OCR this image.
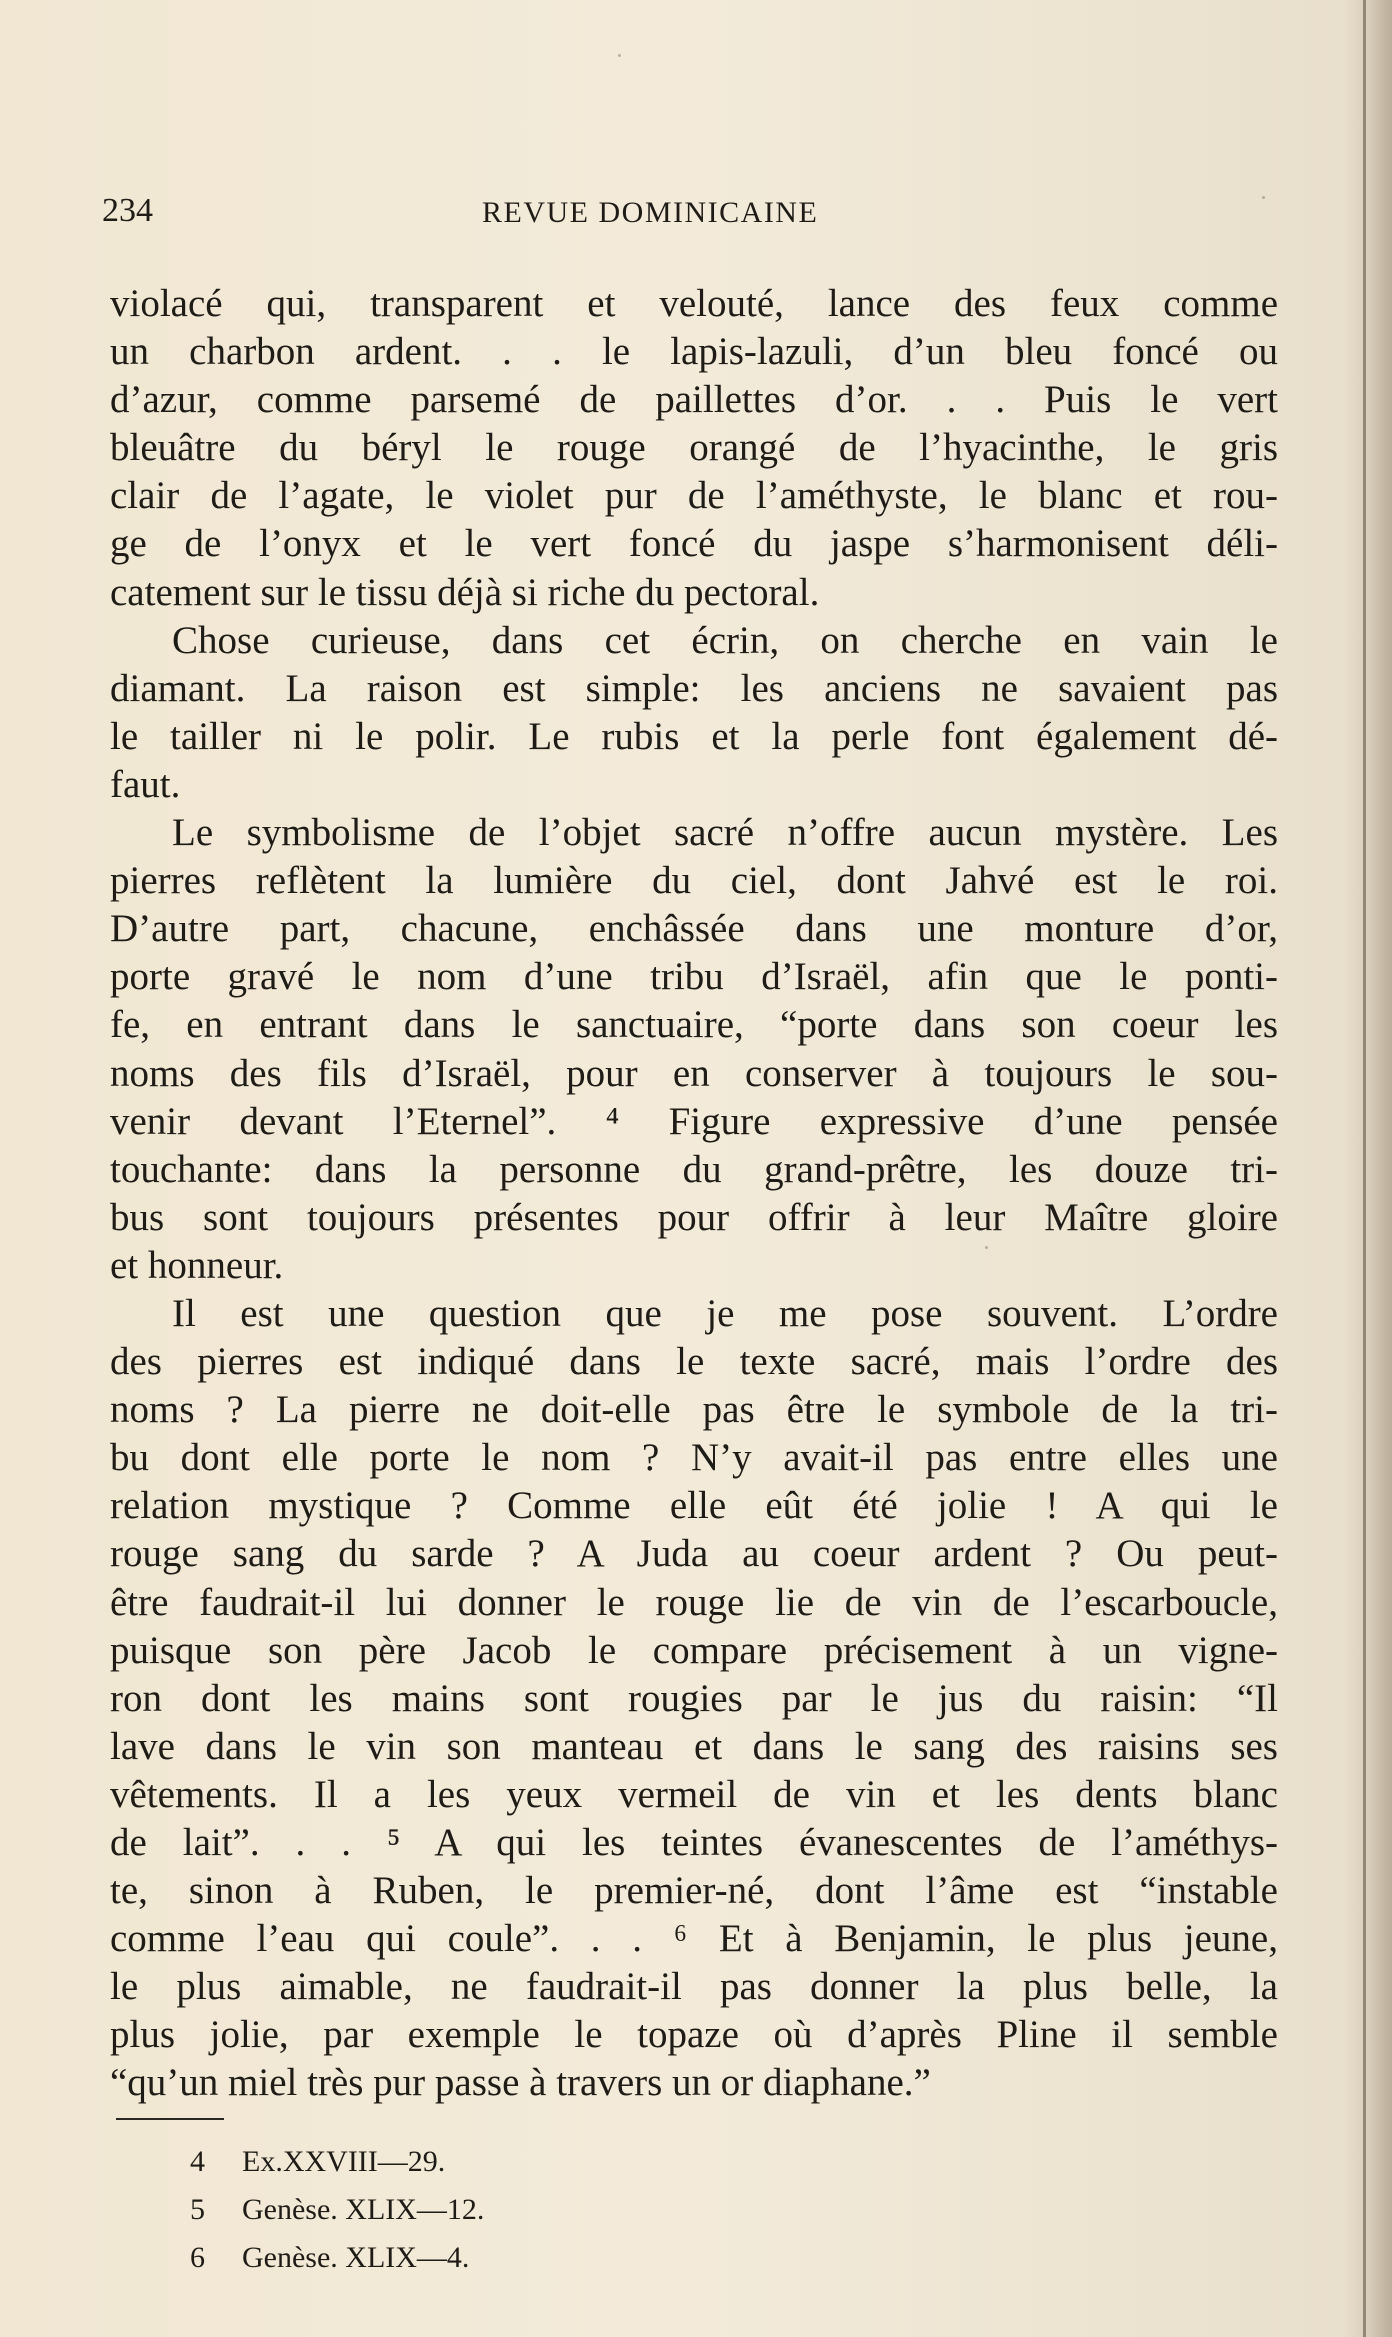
234	REVUE DOMINICAINE
violacé qui, transparent et velouté, lance des feux comme
un charbon ardent. . . le lapis-lazuli, d’un bleu foncé ou
d’azur, comme parsemé de paillettes d’or. . . Puis le vert
bleuâtre du béryl le rouge orangé de l’hyacinthe, le gris
clair de l’agate, le violet pur de l’améthyste, le blanc et rou-
ge de l’onyx et le vert foncé du jaspe s’harmonisent déli-
catement sur le tissu déjà si riche du pectoral.
Chose curieuse, dans cet écrin, on cherche en vain le
diamant. La raison est simple: les anciens ne savaient pas
le tailler ni le polir. Le rubis et la perle font également dé-
faut.
Le symbolisme de l’objet sacré n’offre aucun mystère. Les
pierres reflètent la lumière du ciel, dont Jahvé est le roi.
D’autre part, chacune, enchâssée dans une monture d’or,
porte gravé le nom d’une tribu d’Israël, afin que le ponti-
fe, en entrant dans le sanctuaire, “porte dans son coeur les
noms des fils d’Israël, pour en conserver à toujours le sou-
venir devant l’Eternel”. ⁴ Figure expressive d’une pensée
touchante: dans la personne du grand-prêtre, les douze tri-
bus sont toujours présentes pour offrir à leur Maître gloire
et honneur.
Il est une question que je me pose souvent. L’ordre
des pierres est indiqué dans le texte sacré, mais l’ordre des
noms ? La pierre ne doit-elle pas être le symbole de la tri-
bu dont elle porte le nom ? N’y avait-il pas entre elles une
relation mystique ? Comme elle eût été jolie ! A qui le
rouge sang du sarde ? A Juda au coeur ardent ? Ou peut-
être faudrait-il lui donner le rouge lie de vin de l’escarboucle,
puisque son père Jacob le compare précisement à un vigne-
ron dont les mains sont rougies par le jus du raisin: “Il
lave dans le vin son manteau et dans le sang des raisins ses
vêtements. Il a les yeux vermeil de vin et les dents blanc
de lait”. . . ⁵ A qui les teintes évanescentes de l’améthys-
te, sinon à Ruben, le premier-né, dont l’âme est “instable
comme l’eau qui coule”. . . ⁶ Et à Benjamin, le plus jeune,
le plus aimable, ne faudrait-il pas donner la plus belle, la
plus jolie, par exemple le topaze où d’après Pline il semble
“qu’un miel très pur passe à travers un or diaphane.”
4 Ex.XXVIII—29.
5 Genèse. XLIX—12.
6 Genèse. XLIX—4.
